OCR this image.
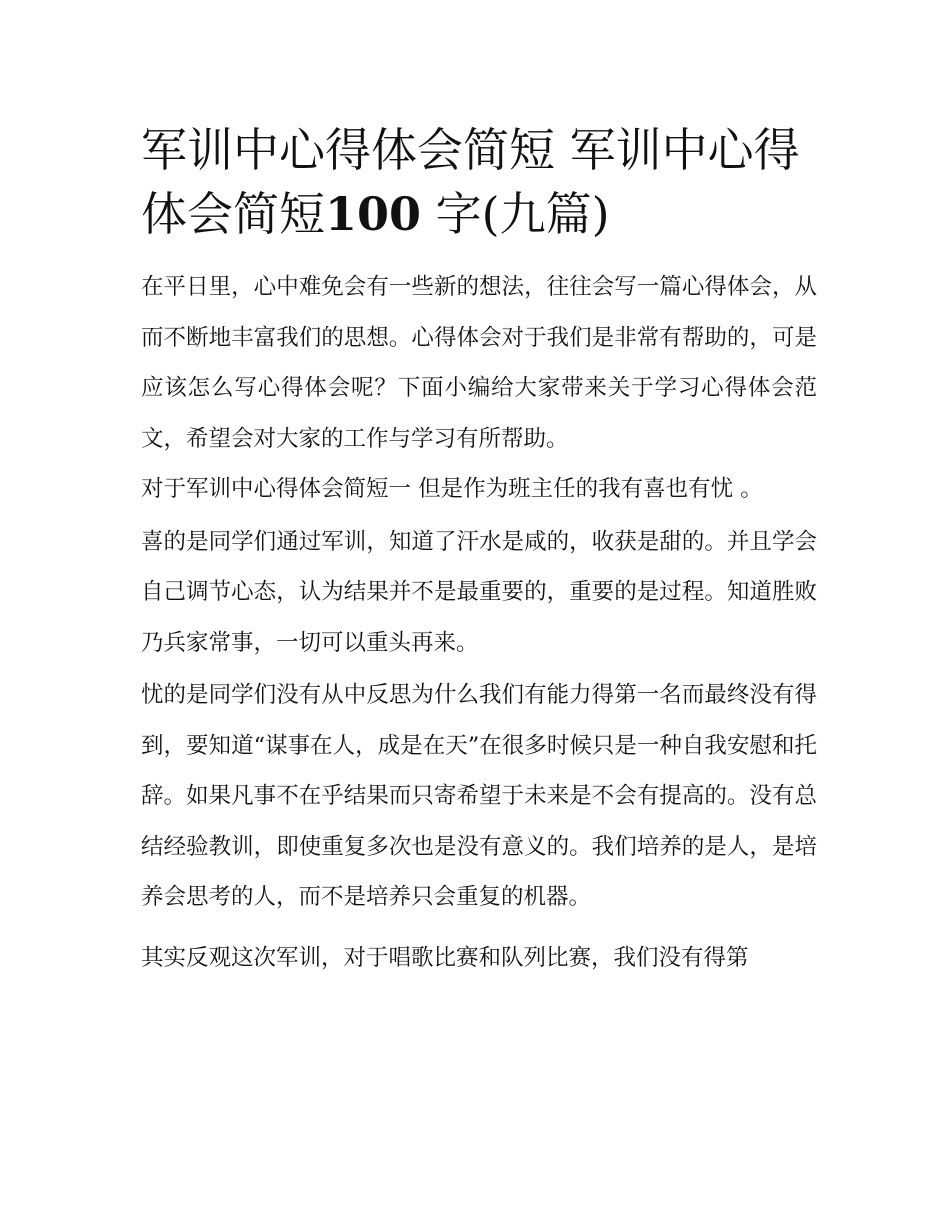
军训中心得体会简短 军训中心得体会简短100 字(九篇)

在平日里，心中难免会有一些新的想法，往往会写一篇心得体会，从而不断地丰富我们的思想。心得体会对于我们是非常有帮助的，可是应该怎么写心得体会呢？下面小编给大家带来关于学习心得体会范文，希望会对大家的工作与学习有所帮助。

对于军训中心得体会简短一 但是作为班主任的我有喜也有忧 。

喜的是同学们通过军训，知道了汗水是咸的，收获是甜的。并且学会自己调节心态，认为结果并不是最重要的，重要的是过程。知道胜败乃兵家常事，一切可以重头再来。

忧的是同学们没有从中反思为什么我们有能力得第一名而最终没有得到，要知道“谋事在人，成是在天”在很多时候只是一种自我安慰和托辞。如果凡事不在乎结果而只寄希望于未来是不会有提高的。没有总结经验教训，即使重复多次也是没有意义的。我们培养的是人，是培养会思考的人，而不是培养只会重复的机器。

其实反观这次军训，对于唱歌比赛和队列比赛，我们没有得第
